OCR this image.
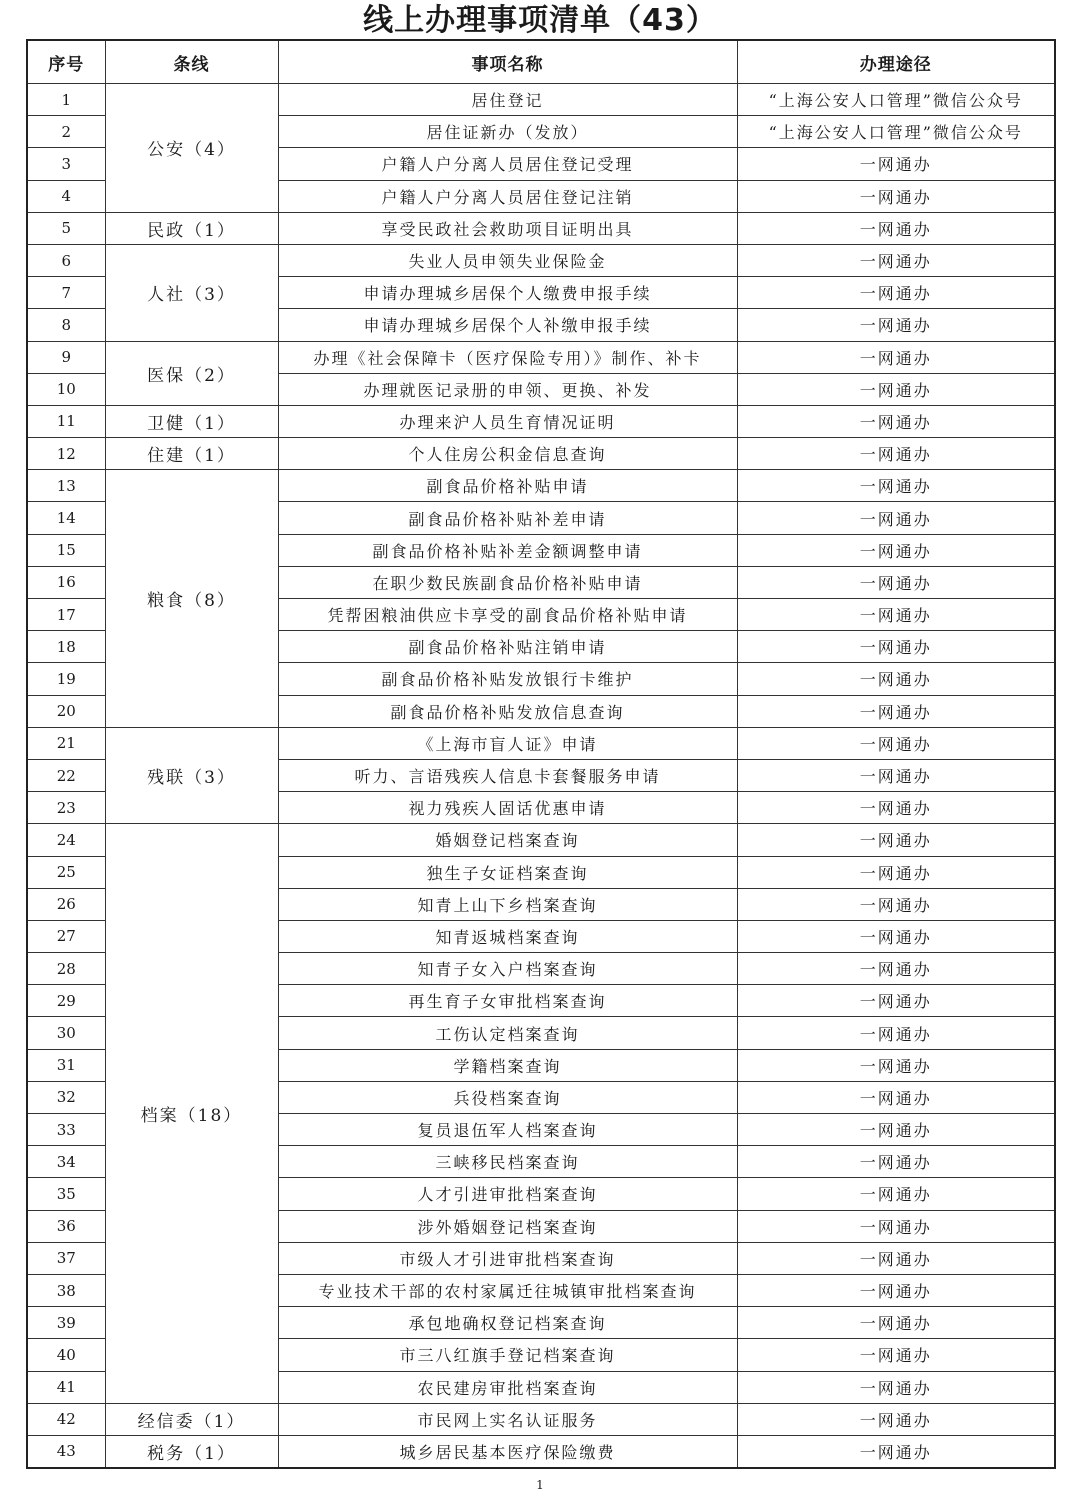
线上办理事项清单（43）
序号	条线	事项名称	办理途径
1	公安（4）	居住登记	“上海公安人口管理”微信公众号
2		居住证新办（发放）	“上海公安人口管理”微信公众号
3		户籍人户分离人员居住登记受理	一网通办
4		户籍人户分离人员居住登记注销	一网通办
5	民政（1）	享受民政社会救助项目证明出具	一网通办
6	人社（3）	失业人员申领失业保险金	一网通办
7		申请办理城乡居保个人缴费申报手续	一网通办
8		申请办理城乡居保个人补缴申报手续	一网通办
9	医保（2）	办理《社会保障卡（医疗保险专用）》制作、补卡	一网通办
10		办理就医记录册的申领、更换、补发	一网通办
11	卫健（1）	办理来沪人员生育情况证明	一网通办
12	住建（1）	个人住房公积金信息查询	一网通办
13	粮食（8）	副食品价格补贴申请	一网通办
14		副食品价格补贴补差申请	一网通办
15		副食品价格补贴补差金额调整申请	一网通办
16		在职少数民族副食品价格补贴申请	一网通办
17		凭帮困粮油供应卡享受的副食品价格补贴申请	一网通办
18		副食品价格补贴注销申请	一网通办
19		副食品价格补贴发放银行卡维护	一网通办
20		副食品价格补贴发放信息查询	一网通办
21	残联（3）	《上海市盲人证》申请	一网通办
22		听力、言语残疾人信息卡套餐服务申请	一网通办
23		视力残疾人固话优惠申请	一网通办
24	档案（18）	婚姻登记档案查询	一网通办
25		独生子女证档案查询	一网通办
26		知青上山下乡档案查询	一网通办
27		知青返城档案查询	一网通办
28		知青子女入户档案查询	一网通办
29		再生育子女审批档案查询	一网通办
30		工伤认定档案查询	一网通办
31		学籍档案查询	一网通办
32		兵役档案查询	一网通办
33		复员退伍军人档案查询	一网通办
34		三峡移民档案查询	一网通办
35		人才引进审批档案查询	一网通办
36		涉外婚姻登记档案查询	一网通办
37		市级人才引进审批档案查询	一网通办
38		专业技术干部的农村家属迁往城镇审批档案查询	一网通办
39		承包地确权登记档案查询	一网通办
40		市三八红旗手登记档案查询	一网通办
41		农民建房审批档案查询	一网通办
42	经信委（1）	市民网上实名认证服务	一网通办
43	税务（1）	城乡居民基本医疗保险缴费	一网通办
1
